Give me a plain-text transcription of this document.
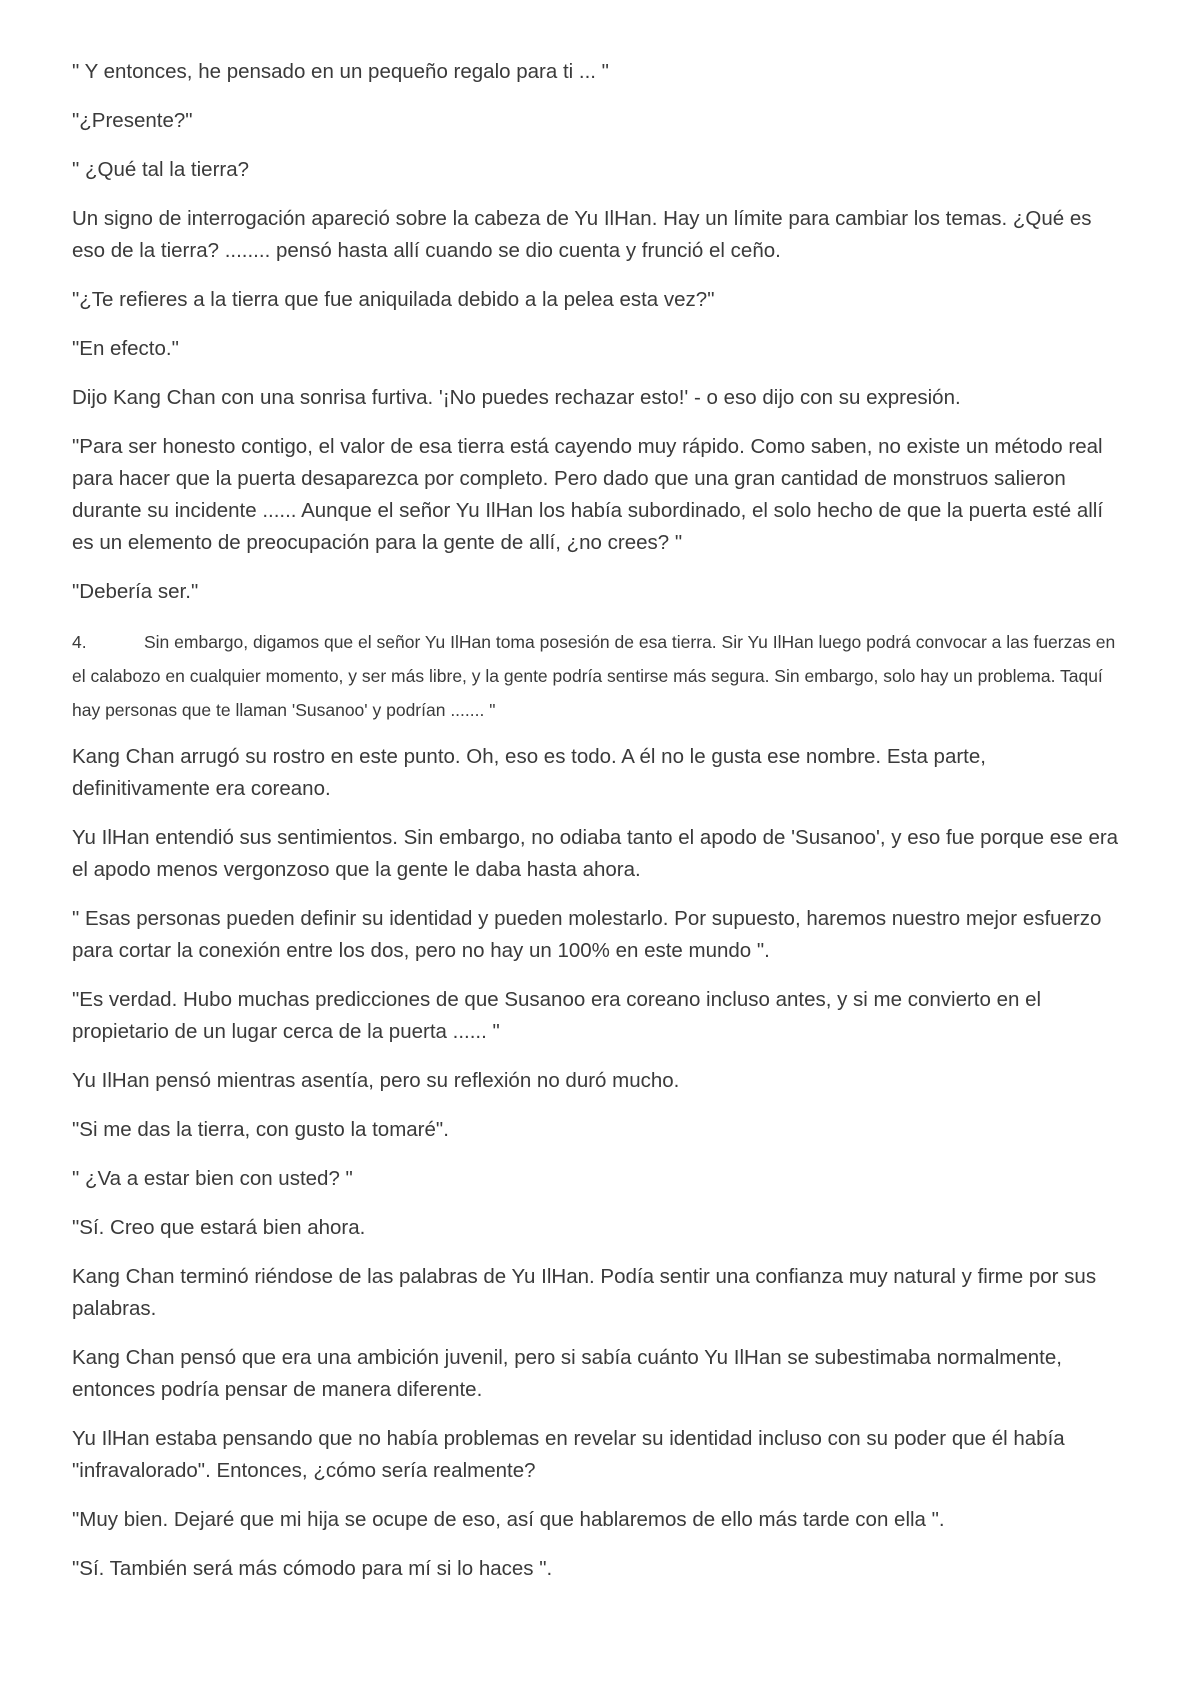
" Y entonces, he pensado en un pequeño regalo para ti ... "

"¿Presente?"

" ¿Qué tal la tierra?

Un signo de interrogación apareció sobre la cabeza de Yu IlHan. Hay un límite para cambiar los temas. ¿Qué es eso de la tierra? ........ pensó hasta allí cuando se dio cuenta y frunció el ceño.

"¿Te refieres a la tierra que fue aniquilada debido a la pelea esta vez?"

"En efecto."

Dijo Kang Chan con una sonrisa furtiva. '¡No puedes rechazar esto!' - o eso dijo con su expresión.

"Para ser honesto contigo, el valor de esa tierra está cayendo muy rápido. Como saben, no existe un método real para hacer que la puerta desaparezca por completo. Pero dado que una gran cantidad de monstruos salieron durante su incidente ...... Aunque el señor Yu IlHan los había subordinado, el solo hecho de que la puerta esté allí es un elemento de preocupación para la gente de allí, ¿no crees? "

"Debería ser."

4.	Sin embargo, digamos que el señor Yu IlHan toma posesión de esa tierra. Sir Yu IlHan luego podrá convocar a las fuerzas en el calabozo en cualquier momento, y ser más libre, y la gente podría sentirse más segura. Sin embargo, solo hay un problema. Taquí hay personas que te llaman 'Susanoo' y podrían ....... "

Kang Chan arrugó su rostro en este punto. Oh, eso es todo. A él no le gusta ese nombre. Esta parte, definitivamente era coreano.

Yu IlHan entendió sus sentimientos. Sin embargo, no odiaba tanto el apodo de 'Susanoo', y eso fue porque ese era el apodo menos vergonzoso que la gente le daba hasta ahora.

" Esas personas pueden definir su identidad y pueden molestarlo. Por supuesto, haremos nuestro mejor esfuerzo para cortar la conexión entre los dos, pero no hay un 100% en este mundo ".

"Es verdad. Hubo muchas predicciones de que Susanoo era coreano incluso antes, y si me convierto en el propietario de un lugar cerca de la puerta ...... "

Yu IlHan pensó mientras asentía, pero su reflexión no duró mucho.

"Si me das la tierra, con gusto la tomaré".

" ¿Va a estar bien con usted? "

"Sí. Creo que estará bien ahora.

Kang Chan terminó riéndose de las palabras de Yu IlHan. Podía sentir una confianza muy natural y firme por sus palabras.

Kang Chan pensó que era una ambición juvenil, pero si sabía cuánto Yu IlHan se subestimaba normalmente, entonces podría pensar de manera diferente.

Yu IlHan estaba pensando que no había problemas en revelar su identidad incluso con su poder que él había "infravalorado". Entonces, ¿cómo sería realmente?

"Muy bien. Dejaré que mi hija se ocupe de eso, así que hablaremos de ello más tarde con ella ".

"Sí. También será más cómodo para mí si lo haces ".
